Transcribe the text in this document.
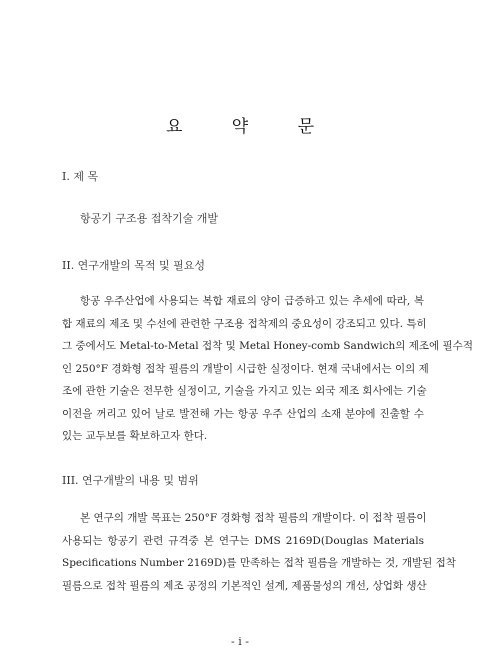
요 약 문
I. 제 목
항공기 구조용 접착기술 개발
II. 연구개발의 목적 및 필요성
항공 우주산업에 사용되는 복합 재료의 양이 급증하고 있는 추세에 따라, 복
합 재료의 제조 및 수선에 관련한 구조용 접착제의 중요성이 강조되고 있다. 특히
그 중에서도 Metal-to-Metal 접착 및 Metal Honey-comb Sandwich의 제조에 필수적
인 250°F 경화형 접착 필름의 개발이 시급한 실정이다. 현재 국내에서는 이의 제
조에 관한 기술은 전무한 실정이고, 기술을 가지고 있는 외국 제조 회사에는 기술
이전을 꺼리고 있어 날로 발전해 가는 항공 우주 산업의 소재 분야에 진출할 수
있는 교두보를 확보하고자 한다.
III. 연구개발의 내용 및 범위
본 연구의 개발 목표는 250°F 경화형 접착 필름의 개발이다. 이 접착 필름이
사용되는 항공기 관련 규격중 본 연구는 DMS 2169D(Douglas Materials
Specifications Number 2169D)를 만족하는 접착 필름을 개발하는 것, 개발된 접착
필름으로 접착 필름의 제조 공정의 기본적인 설계, 제품물성의 개선, 상업화 생산
- i -
